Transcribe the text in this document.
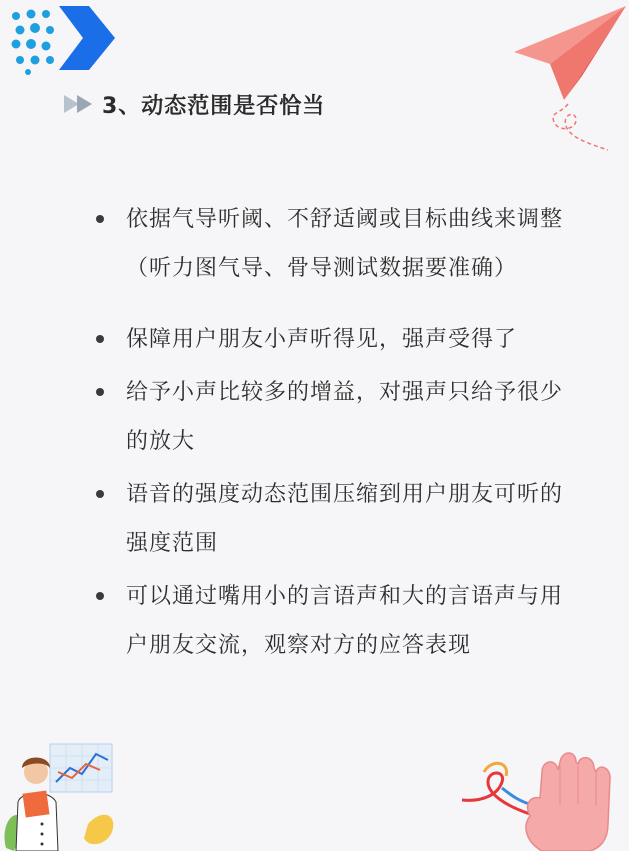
3、动态范围是否恰当
依据气导听阈、不舒适阈或目标曲线来调整（听力图气导、骨导测试数据要准确）
保障用户朋友小声听得见，强声受得了
给予小声比较多的增益，对强声只给予很少的放大
语音的强度动态范围压缩到用户朋友可听的强度范围
可以通过嘴用小的言语声和大的言语声与用户朋友交流，观察对方的应答表现
